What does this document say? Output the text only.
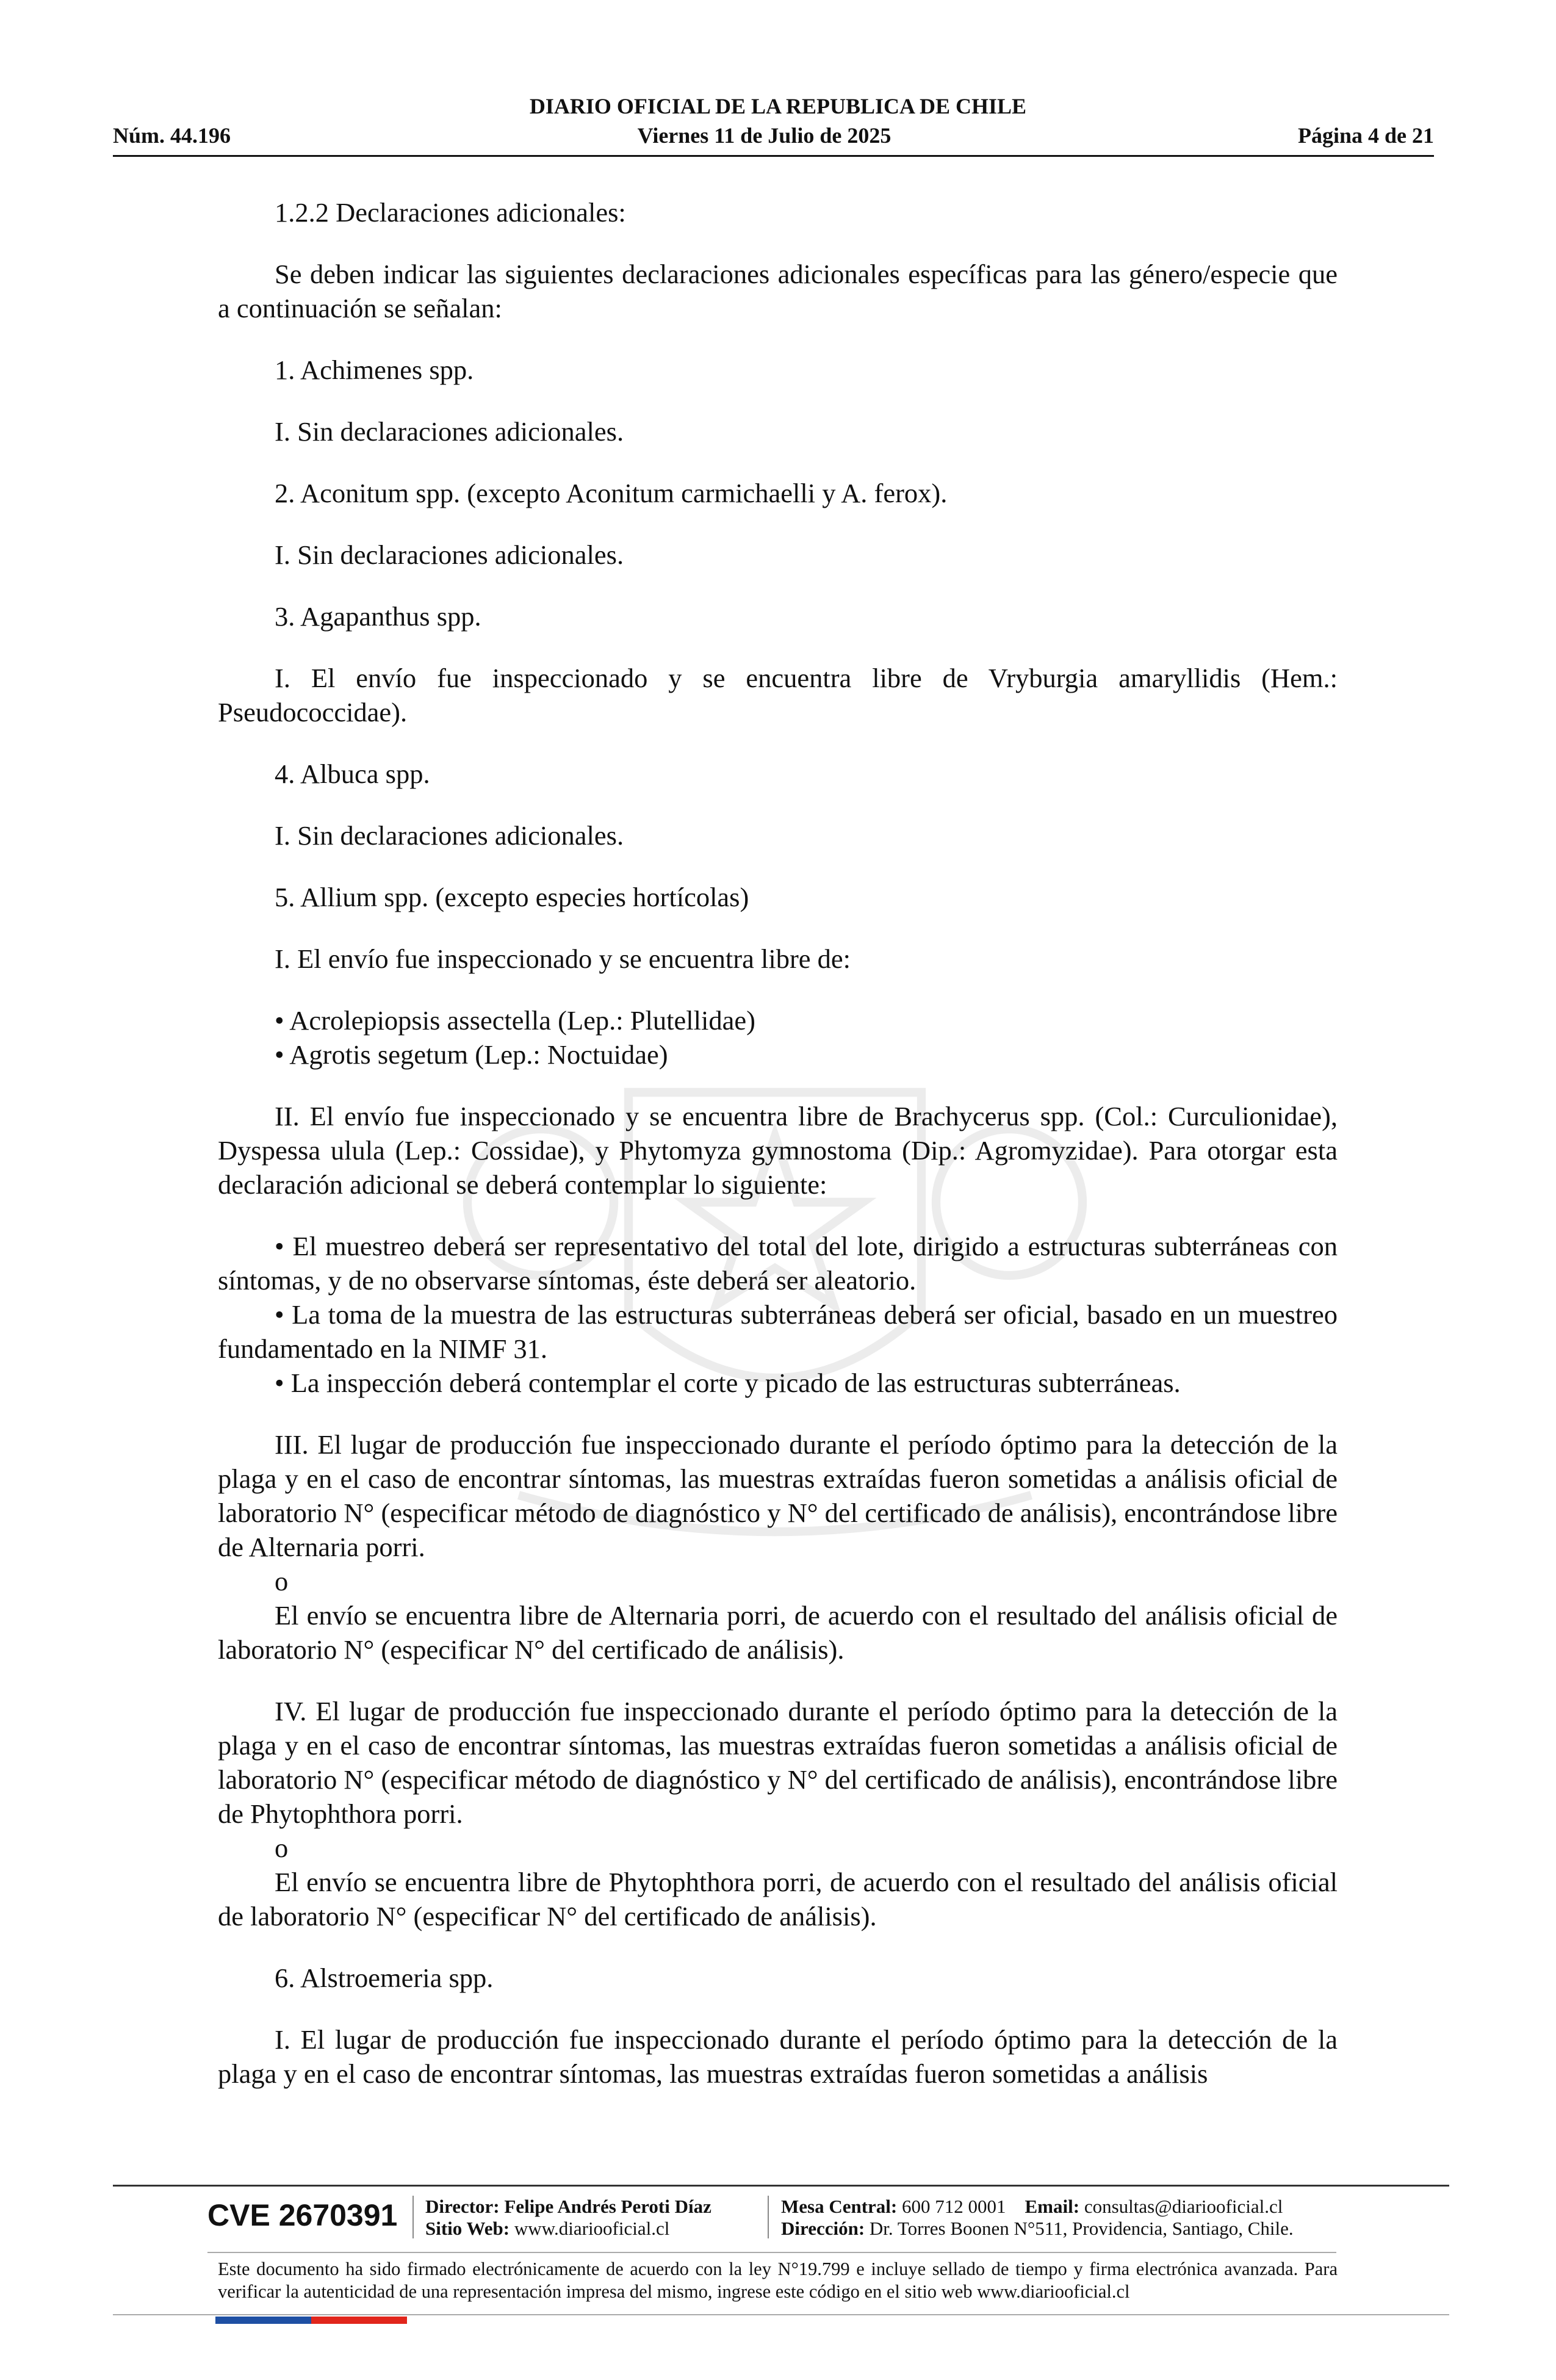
DIARIO OFICIAL DE LA REPUBLICA DE CHILE
Núm. 44.196	Viernes 11 de Julio de 2025	Página 4 de 21

1.2.2 Declaraciones adicionales:

Se deben indicar las siguientes declaraciones adicionales específicas para las género/especie que a continuación se señalan:

1. Achimenes spp.

I. Sin declaraciones adicionales.

2. Aconitum spp. (excepto Aconitum carmichaelli y A. ferox).

I. Sin declaraciones adicionales.

3. Agapanthus spp.

I. El envío fue inspeccionado y se encuentra libre de Vryburgia amaryllidis (Hem.: Pseudococcidae).

4. Albuca spp.

I. Sin declaraciones adicionales.

5. Allium spp. (excepto especies hortícolas)

I. El envío fue inspeccionado y se encuentra libre de:

• Acrolepiopsis assectella (Lep.: Plutellidae)

• Agrotis segetum (Lep.: Noctuidae)

II. El envío fue inspeccionado y se encuentra libre de Brachycerus spp. (Col.: Curculionidae), Dyspessa ulula (Lep.: Cossidae), y Phytomyza gymnostoma (Dip.: Agromyzidae). Para otorgar esta declaración adicional se deberá contemplar lo siguiente:

• El muestreo deberá ser representativo del total del lote, dirigido a estructuras subterráneas con síntomas, y de no observarse síntomas, éste deberá ser aleatorio.

• La toma de la muestra de las estructuras subterráneas deberá ser oficial, basado en un muestreo fundamentado en la NIMF 31.

• La inspección deberá contemplar el corte y picado de las estructuras subterráneas.

III. El lugar de producción fue inspeccionado durante el período óptimo para la detección de la plaga y en el caso de encontrar síntomas, las muestras extraídas fueron sometidas a análisis oficial de laboratorio N° (especificar método de diagnóstico y N° del certificado de análisis), encontrándose libre de Alternaria porri.

o

El envío se encuentra libre de Alternaria porri, de acuerdo con el resultado del análisis oficial de laboratorio N° (especificar N° del certificado de análisis).

IV. El lugar de producción fue inspeccionado durante el período óptimo para la detección de la plaga y en el caso de encontrar síntomas, las muestras extraídas fueron sometidas a análisis oficial de laboratorio N° (especificar método de diagnóstico y N° del certificado de análisis), encontrándose libre de Phytophthora porri.

o

El envío se encuentra libre de Phytophthora porri, de acuerdo con el resultado del análisis oficial de laboratorio N° (especificar N° del certificado de análisis).

6. Alstroemeria spp.

I. El lugar de producción fue inspeccionado durante el período óptimo para la detección de la plaga y en el caso de encontrar síntomas, las muestras extraídas fueron sometidas a análisis

CVE 2670391 Director: Felipe Andrés Peroti Díaz
Sitio Web: www.diariooficial.cl
Mesa Central: 600 712 0001 Email: consultas@diariooficial.cl
Dirección: Dr. Torres Boonen N°511, Providencia, Santiago, Chile.
Este documento ha sido firmado electrónicamente de acuerdo con la ley N°19.799 e incluye sellado de tiempo y firma electrónica avanzada. Para verificar la autenticidad de una representación impresa del mismo, ingrese este código en el sitio web www.diariooficial.cl
